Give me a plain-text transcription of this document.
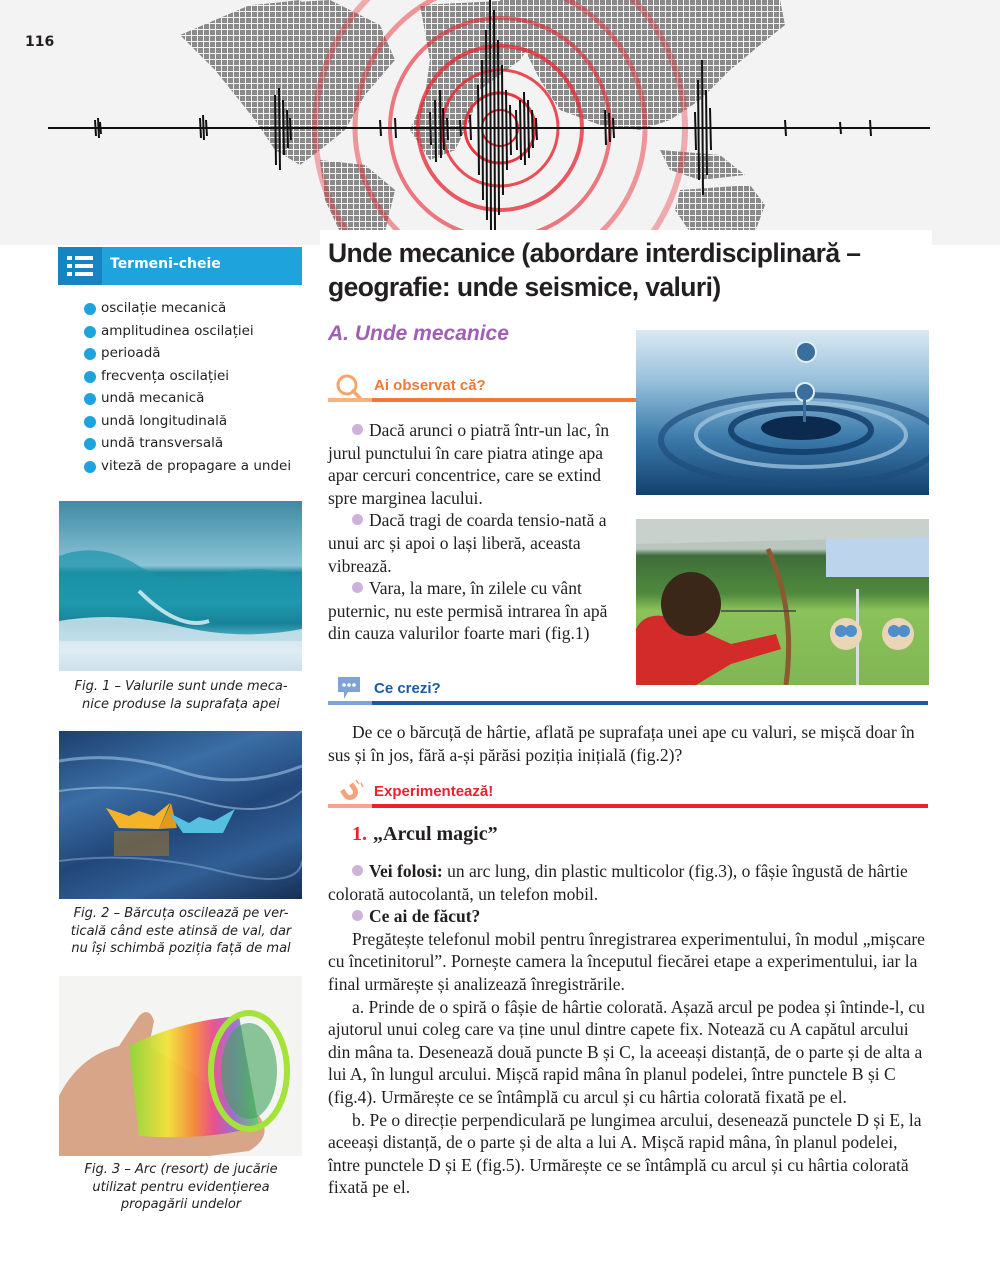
116
Unde mecanice (abordare interdisciplinară – geografie: unde seismice, valuri)
Termeni-cheie
oscilație mecanică
amplitudinea oscilației
perioadă
frecvența oscilației
undă mecanică
undă longitudinală
undă transversală
viteză de propagare a undei
Fig. 1 – Valurile sunt unde meca-
nice produse la suprafața apei
Fig. 2 – Bărcuța oscilează pe ver-
ticală când este atinsă de val, dar
nu își schimbă poziția față de mal
Fig. 3 – Arc (resort) de jucărie
utilizat pentru evidențierea
propagării undelor
A. Unde mecanice
Ai observat că?

Dacă arunci o piatră într-un lac, în jurul punctului în care piatra atinge apa apar cercuri concentrice, care se extind spre marginea lacului.

Dacă tragi de coarda tensio-nată a unui arc și apoi o lași liberă, aceasta vibrează.

Vara, la mare, în zilele cu vânt puternic, nu este permisă intrarea în apă din cauza valurilor foarte mari (fig.1)

Ce crezi?

De ce o bărcuță de hârtie, aflată pe suprafața unei ape cu valuri, se mișcă doar în sus și în jos, fără a-și părăsi poziția inițială (fig.2)?

Experimentează!
1. „Arcul magic”

Vei folosi: un arc lung, din plastic multicolor (fig.3), o fâșie îngustă de hârtie colorată autocolantă, un telefon mobil.

Ce ai de făcut?

Pregătește telefonul mobil pentru înregistrarea experimentului, în modul „mișcare cu încetinitorul”. Pornește camera la începutul fiecărei etape a experimentului, iar la final urmărește și analizează înregistrările.

a. Prinde de o spiră o fâșie de hârtie colorată. Așază arcul pe podea și întinde-l, cu ajutorul unui coleg care va ține unul dintre capete fix. Notează cu A capătul arcului din mâna ta. Desenează două puncte B și C, la aceeași distanță, de o parte și de alta a lui A, în lungul arcului. Mișcă rapid mâna în planul podelei, între punctele B și C (fig.4). Urmărește ce se întâmplă cu arcul și cu hârtia colorată fixată pe el.

b. Pe o direcție perpendiculară pe lungimea arcului, desenează punctele D și E, la aceeași distanță, de o parte și de alta a lui A. Mișcă rapid mâna, în planul podelei, între punctele D și E (fig.5). Urmărește ce se întâmplă cu arcul și cu hârtia colorată fixată pe el.
